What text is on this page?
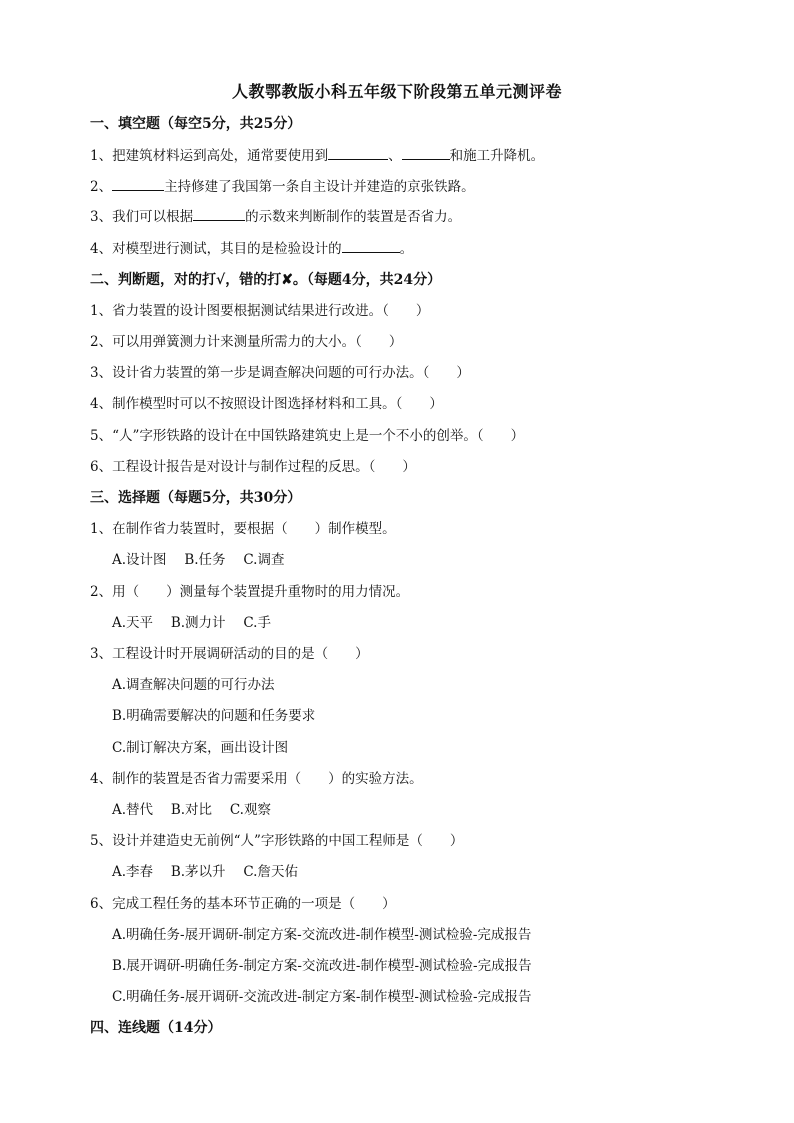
人教鄂教版小科五年级下阶段第五单元测评卷
一、填空题（每空5分，共25分）
1、把建筑材料运到高处，通常要使用到	、	和施工升降机。
2、	主持修建了我国第一条自主设计并建造的京张铁路。
3、我们可以根据	的示数来判断制作的装置是否省力。
4、对模型进行测试，其目的是检验设计的	。
二、判断题，对的打√，错的打✘。（每题4分，共24分）
1、省力装置的设计图要根据测试结果进行改进。（　　）
2、可以用弹簧测力计来测量所需力的大小。（　　）
3、设计省力装置的第一步是调查解决问题的可行办法。（　　）
4、制作模型时可以不按照设计图选择材料和工具。（　　）
5、“人”字形铁路的设计在中国铁路建筑史上是一个不小的创举。（　　）
6、工程设计报告是对设计与制作过程的反思。（　　）
三、选择题（每题5分，共30分）
1、在制作省力装置时，要根据（　　）制作模型。
A.设计图　 B.任务　 C.调查
2、用（　　）测量每个装置提升重物时的用力情况。
A.天平　 B.测力计　 C.手
3、工程设计时开展调研活动的目的是（　　）
A.调查解决问题的可行办法
B.明确需要解决的问题和任务要求
C.制订解决方案，画出设计图
4、制作的装置是否省力需要采用（　　）的实验方法。
A.替代　 B.对比　 C.观察
5、设计并建造史无前例“人”字形铁路的中国工程师是（　　）
A.李春　 B.茅以升　 C.詹天佑
6、完成工程任务的基本环节正确的一项是（　　）
A.明确任务-展开调研-制定方案-交流改进-制作模型-测试检验-完成报告
B.展开调研-明确任务-制定方案-交流改进-制作模型-测试检验-完成报告
C.明确任务-展开调研-交流改进-制定方案-制作模型-测试检验-完成报告
四、连线题（14分）
